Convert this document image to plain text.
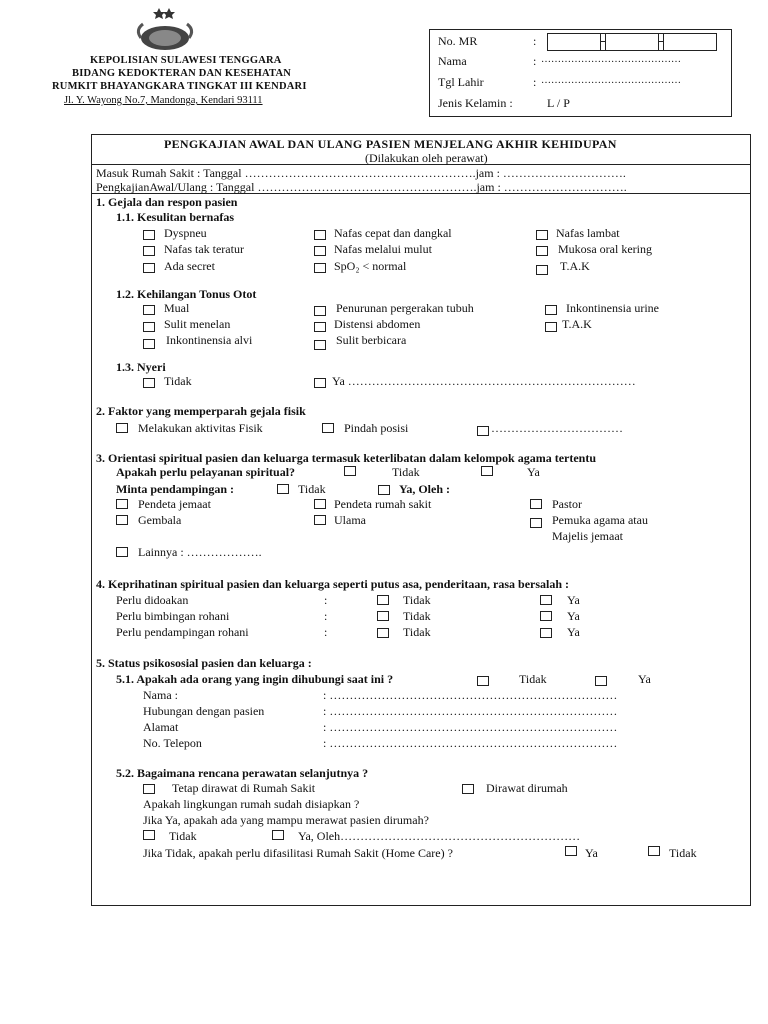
KEPOLISIAN SULAWESI TENGGARA
BIDANG KEDOKTERAN DAN KESEHATAN
RUMKIT BHAYANGKARA TINGKAT III KENDARI
Jl. Y. Wayong No.7, Mandonga, Kendari 93111
No. MR	:
Nama	: ……………………………………
Tgl Lahir	: ……………………………………
Jenis Kelamin :	L / P
PENGKAJIAN AWAL DAN ULANG PASIEN MENJELANG AKHIR KEHIDUPAN
(Dilakukan oleh perawat)
Masuk Rumah Sakit : Tanggal ………………………………………………….jam : ………………………….
PengkajianAwal/Ulang : Tanggal ……………………………………………….jam : ………………………….
1. Gejala dan respon pasien
1.1. Kesulitan bernafas
Dyspneu	Nafas cepat dan dangkal	Nafas lambat
Nafas tak teratur	Nafas melalui mulut	Mukosa oral kering
Ada secret	SpO₂ < normal	T.A.K
1.2. Kehilangan Tonus Otot
Mual	Penurunan pergerakan tubuh	Inkontinensia urine
Sulit menelan	Distensi abdomen	T.A.K
Inkontinensia alvi	Sulit berbicara
1.3. Nyeri
Tidak	Ya ………………………………………………………………
2. Faktor yang memperparah gejala fisik
Melakukan aktivitas Fisik	Pindah posisi	……………………………
3. Orientasi spiritual pasien dan keluarga termasuk keterlibatan dalam kelompok agama tertentu
Apakah perlu pelayanan spiritual?	Tidak	Ya
Minta pendampingan :	Tidak	Ya, Oleh :
Pendeta jemaat	Pendeta rumah sakit	Pastor
Gembala	Ulama	Pemuka agama atau
Majelis jemaat
Lainnya : ……………….
4. Keprihatinan spiritual pasien dan keluarga seperti putus asa, penderitaan, rasa bersalah :
Perlu didoakan	:	Tidak	Ya
Perlu bimbingan rohani	:	Tidak	Ya
Perlu pendampingan rohani	:	Tidak	Ya
5. Status psikososial pasien dan keluarga :
5.1. Apakah ada orang yang ingin dihubungi saat ini ?	Tidak	Ya
Nama :	: ………………………………………………………………
Hubungan dengan pasien	: ………………………………………………………………
Alamat	: ………………………………………………………………
No. Telepon	: ………………………………………………………………
5.2. Bagaimana rencana perawatan selanjutnya ?
Tetap dirawat di Rumah Sakit	Dirawat dirumah
Apakah lingkungan rumah sudah disiapkan ?
Jika Ya, apakah ada yang mampu merawat pasien dirumah?
Tidak	Ya, Oleh……………………………………………………
Jika Tidak, apakah perlu difasilitasi Rumah Sakit (Home Care) ?	Ya	Tidak
